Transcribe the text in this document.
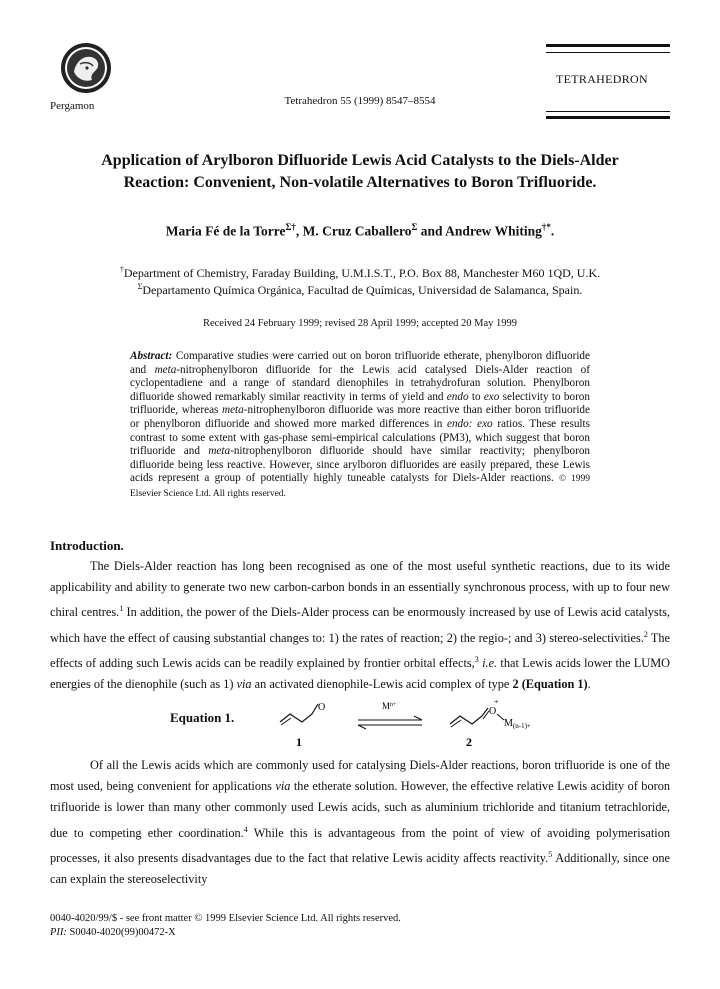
Pergamon	Tetrahedron 55 (1999) 8547–8554
TETRAHEDRON
Application of Arylboron Difluoride Lewis Acid Catalysts to the Diels-Alder
Reaction: Convenient, Non-volatile Alternatives to Boron Trifluoride.
Maria Fé de la Torre$^{\Sigma\dagger}$, M. Cruz Caballero$^\Sigma$ and Andrew Whiting†*.
†Department of Chemistry, Faraday Building, U.M.I.S.T., P.O. Box 88, Manchester M60 1QD, U.K.
$^\Sigma$Departamento Química Orgánica, Facultad de Químicas, Universidad de Salamanca, Spain.
Received 24 February 1999; revised 28 April 1999; accepted 20 May 1999
Abstract: Comparative studies were carried out on boron trifluoride etherate, phenylboron difluoride and meta-nitrophenylboron difluoride for the Lewis acid catalysed Diels-Alder reaction of cyclopentadiene and a range of standard dienophiles in tetrahydrofuran solution. Phenylboron difluoride showed remarkably similar reactivity in terms of yield and endo to exo selectivity to boron trifluoride, whereas meta-nitrophenylboron difluoride was more reactive than either boron trifluoride or phenylboron difluoride and showed more marked differences in endo: exo ratios. These results contrast to some extent with gas-phase semi-empirical calculations (PM3), which suggest that boron trifluoride and meta-nitrophenylboron difluoride should have similar reactivity; phenylboron difluoride being less reactive. However, since arylboron difluorides are easily prepared, these Lewis acids represent a group of potentially highly tuneable catalysts for Diels-Alder reactions. © 1999 Elsevier Science Ltd. All rights reserved.
Introduction.

The Diels-Alder reaction has long been recognised as one of the most useful synthetic reactions, due to its wide applicability and ability to generate two new carbon-carbon bonds in an essentially synchronous process, with up to four new chiral centres.$^1$ In addition, the power of the Diels-Alder process can be enormously increased by use of Lewis acid catalysts, which have the effect of causing substantial changes to: 1) the rates of reaction; 2) the regio-; and 3) stereo-selectivities.$^2$ The effects of adding such Lewis acids can be readily explained by frontier orbital effects,$^3$ i.e. that Lewis acids lower the LUMO energies of the dienophile (such as 1) via an activated dienophile-Lewis acid complex of type 2 (Equation 1).

Equation 1.
O
1
$M^{n+}$	+
O
$M_{(n-1)+}$
2

Of all the Lewis acids which are commonly used for catalysing Diels-Alder reactions, boron trifluoride is one of the most used, being convenient for applications via the etherate solution. However, the effective relative Lewis acidity of boron trifluoride is lower than many other commonly used Lewis acids, such as aluminium trichloride and titanium tetrachloride, due to competing ether coordination.$^4$ While this is advantageous from the point of view of avoiding polymerisation processes, it also presents disadvantages due to the fact that relative Lewis acidity affects reactivity.$^5$ Additionally, since one can explain the stereoselectivity

0040-4020/99/$ - see front matter © 1999 Elsevier Science Ltd. All rights reserved.
PII: S0040-4020(99)00472-X
